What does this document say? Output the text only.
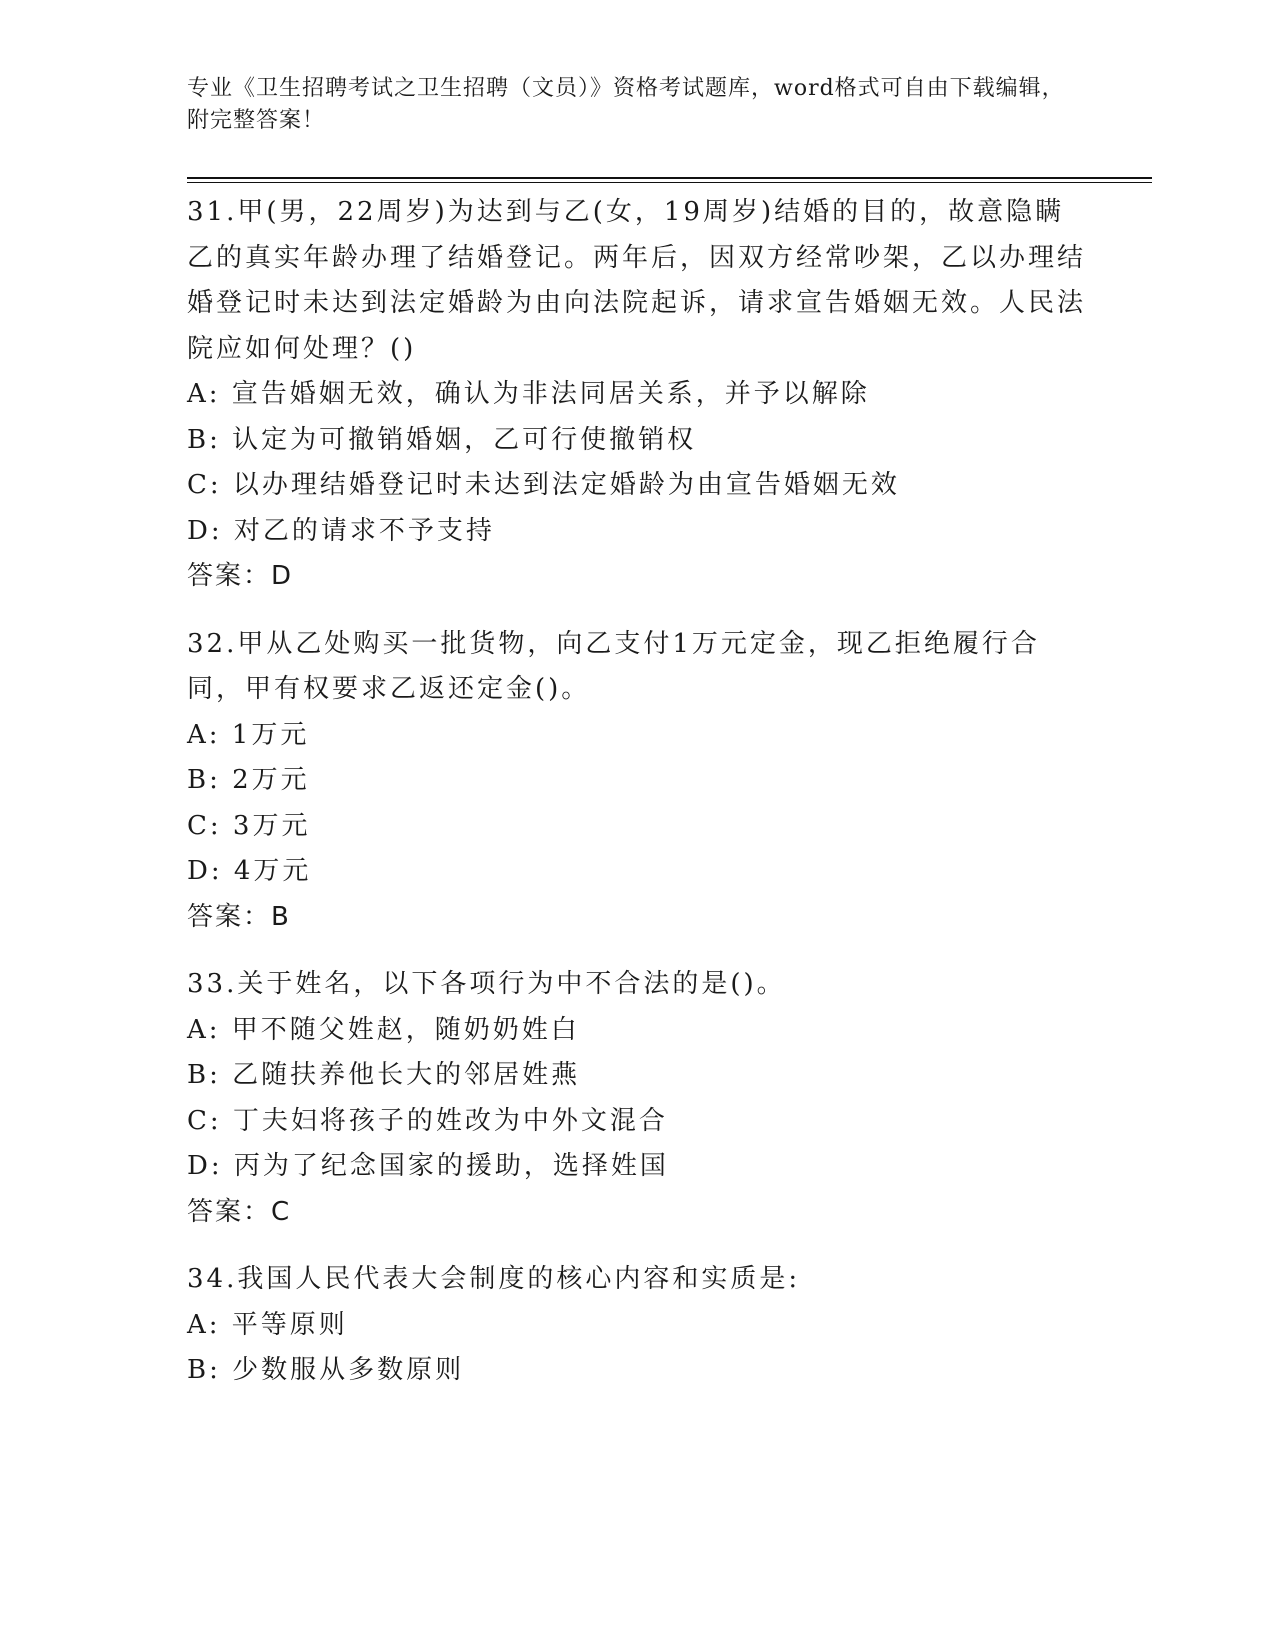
专业《卫生招聘考试之卫生招聘（文员）》资格考试题库，word格式可自由下载编辑，附完整答案！

31.甲(男，22周岁)为达到与乙(女，19周岁)结婚的目的，故意隐瞒乙的真实年龄办理了结婚登记。两年后，因双方经常吵架，乙以办理结婚登记时未达到法定婚龄为由向法院起诉，请求宣告婚姻无效。人民法院应如何处理？()

A: 宣告婚姻无效，确认为非法同居关系，并予以解除

B: 认定为可撤销婚姻，乙可行使撤销权

C: 以办理结婚登记时未达到法定婚龄为由宣告婚姻无效

D: 对乙的请求不予支持

答案：D

32.甲从乙处购买一批货物，向乙支付1万元定金，现乙拒绝履行合同，甲有权要求乙返还定金()。

A: 1万元

B: 2万元

C: 3万元

D: 4万元

答案：B

33.关于姓名，以下各项行为中不合法的是()。

A: 甲不随父姓赵，随奶奶姓白

B: 乙随扶养他长大的邻居姓燕

C: 丁夫妇将孩子的姓改为中外文混合

D: 丙为了纪念国家的援助，选择姓国

答案：C

34.我国人民代表大会制度的核心内容和实质是:

A: 平等原则

B: 少数服从多数原则
